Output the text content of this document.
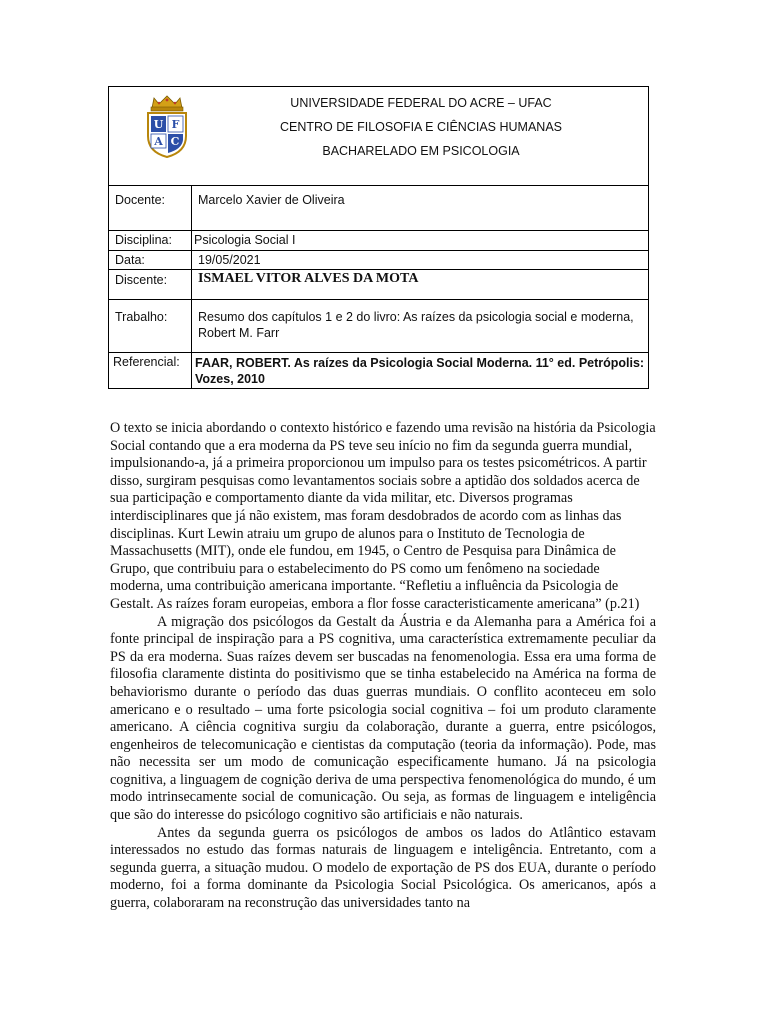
U F
A C
UNIVERSIDADE FEDERAL DO ACRE – UFAC
CENTRO DE FILOSOFIA E CIÊNCIAS HUMANAS
BACHARELADO EM PSICOLOGIA
Docente:	Marcelo Xavier de Oliveira
Disciplina:	Psicologia Social I
Data:	19/05/2021
Discente:	ISMAEL VITOR ALVES DA MOTA
Trabalho:	Resumo dos capítulos 1 e 2 do livro: As raízes da psicologia social e moderna, Robert M. Farr
Referencial:	FAAR, ROBERT. As raízes da Psicologia Social Moderna. 11° ed. Petrópolis: Vozes, 2010

O texto se inicia abordando o contexto histórico e fazendo uma revisão na história da Psicologia Social contando que a era moderna da PS teve seu início no fim da segunda guerra mundial, impulsionando-a, já a primeira proporcionou um impulso para os testes psicométricos. A partir disso, surgiram pesquisas como levantamentos sociais sobre a aptidão dos soldados acerca de sua participação e comportamento diante da vida militar, etc. Diversos programas interdisciplinares que já não existem, mas foram desdobrados de acordo com as linhas das disciplinas. Kurt Lewin atraiu um grupo de alunos para o Instituto de Tecnologia de Massachusetts (MIT), onde ele fundou, em 1945, o Centro de Pesquisa para Dinâmica de Grupo, que contribuiu para o estabelecimento do PS como um fenômeno na sociedade moderna, uma contribuição americana importante. “Refletiu a influência da Psicologia de Gestalt. As raízes foram europeias, embora a flor fosse caracteristicamente americana” (p.21)

A migração dos psicólogos da Gestalt da Áustria e da Alemanha para a América foi a fonte principal de inspiração para a PS cognitiva, uma característica extremamente peculiar da PS da era moderna. Suas raízes devem ser buscadas na fenomenologia. Essa era uma forma de filosofia claramente distinta do positivismo que se tinha estabelecido na América na forma de behaviorismo durante o período das duas guerras mundiais. O conflito aconteceu em solo americano e o resultado – uma forte psicologia social cognitiva – foi um produto claramente americano. A ciência cognitiva surgiu da colaboração, durante a guerra, entre psicólogos, engenheiros de telecomunicação e cientistas da computação (teoria da informação). Pode, mas não necessita ser um modo de comunicação especificamente humano. Já na psicologia cognitiva, a linguagem de cognição deriva de uma perspectiva fenomenológica do mundo, é um modo intrinsecamente social de comunicação. Ou seja, as formas de linguagem e inteligência que são do interesse do psicólogo cognitivo são artificiais e não naturais.

Antes da segunda guerra os psicólogos de ambos os lados do Atlântico estavam interessados no estudo das formas naturais de linguagem e inteligência. Entretanto, com a segunda guerra, a situação mudou. O modelo de exportação de PS dos EUA, durante o período moderno, foi a forma dominante da Psicologia Social Psicológica. Os americanos, após a guerra, colaboraram na reconstrução das universidades tanto na
